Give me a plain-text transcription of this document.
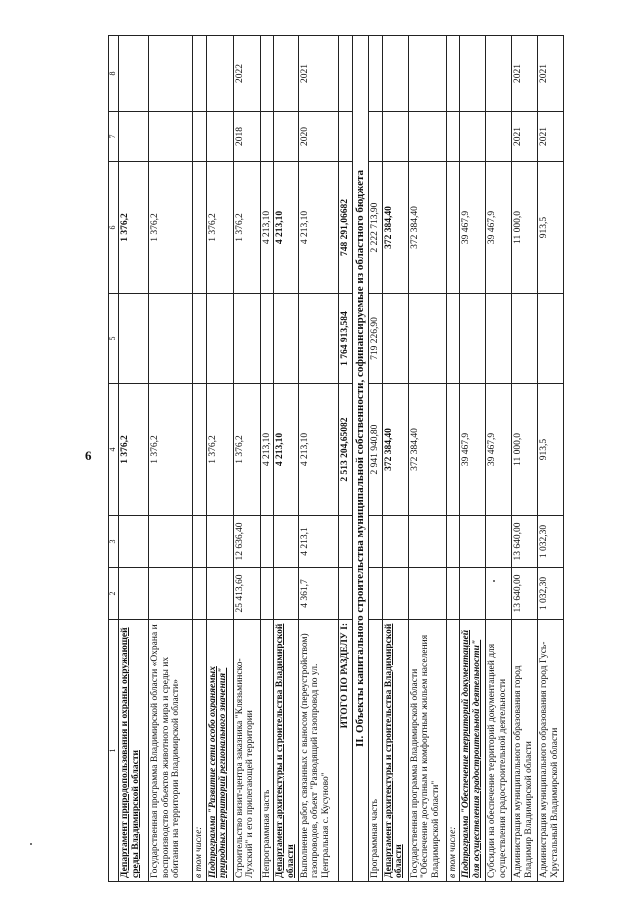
6
1	2	3	4	5	6	7	8
Департамент природопользования и охраны окружающей среды Владимирской области			1 376,2		1 376,2		
Государственная программа Владимирской области «Охрана и воспроизводство объектов животного мира и среды их обитания на территории Владимирской области»			1 376,2		1 376,2		
в том числе:							
Подпрограмма "Развитие сети особо охраняемых природных территорий регионального значения"			1 376,2		1 376,2		
Строительство визит-центра заказника "Клязьминско-Лухский" и его прилегающей территории	25 413,60	12 636,40	1 376,2		1 376,2	2018	2022
Непрограммная часть			4 213,10		4 213,10		
Департамент архитектуры и строительства Владимирской области			4 213,10		4 213,10		
Выполнение работ, связанных с выносом (переустройством) газопроводов, объект "Разводящий газопровод по ул. Центральная с. Кусуново"	4 361,7	4 213,1	4 213,10		4 213,10	2020	2021
ИТОГО ПО РАЗДЕЛУ I:			2 513 204,65082	1 764 913,584	748 291,06682		
II. Объекты капитального строительства муниципальной собственности, софинансируемые из областного бюджета							
Программная часть			2 941 940,80	719 226,90	2 222 713,90		
Департамент архитектуры и строительства Владимирской области			372 384,40		372 384,40		
Государственная программа Владимирской области "Обеспечение доступным и комфортным жильем населения Владимирской области"			372 384,40		372 384,40		
в том числе:							
Подпрограмма "Обеспечение территорий документацией для осуществления градостроительной деятельности"			39 467,9		39 467,9		
Субсидии на обеспечение территорий документацией для осуществления градостроительной деятельности			39 467,9		39 467,9		
Администрация муниципального образования город Владимир Владимирской области	13 640,00	13 640,00	11 000,0		11 000,0	2021	2021
Администрация муниципального образования город Гусь-Хрустальный Владимирской области	1 032,30	1 032,30	913,5		913,5	2021	2021
